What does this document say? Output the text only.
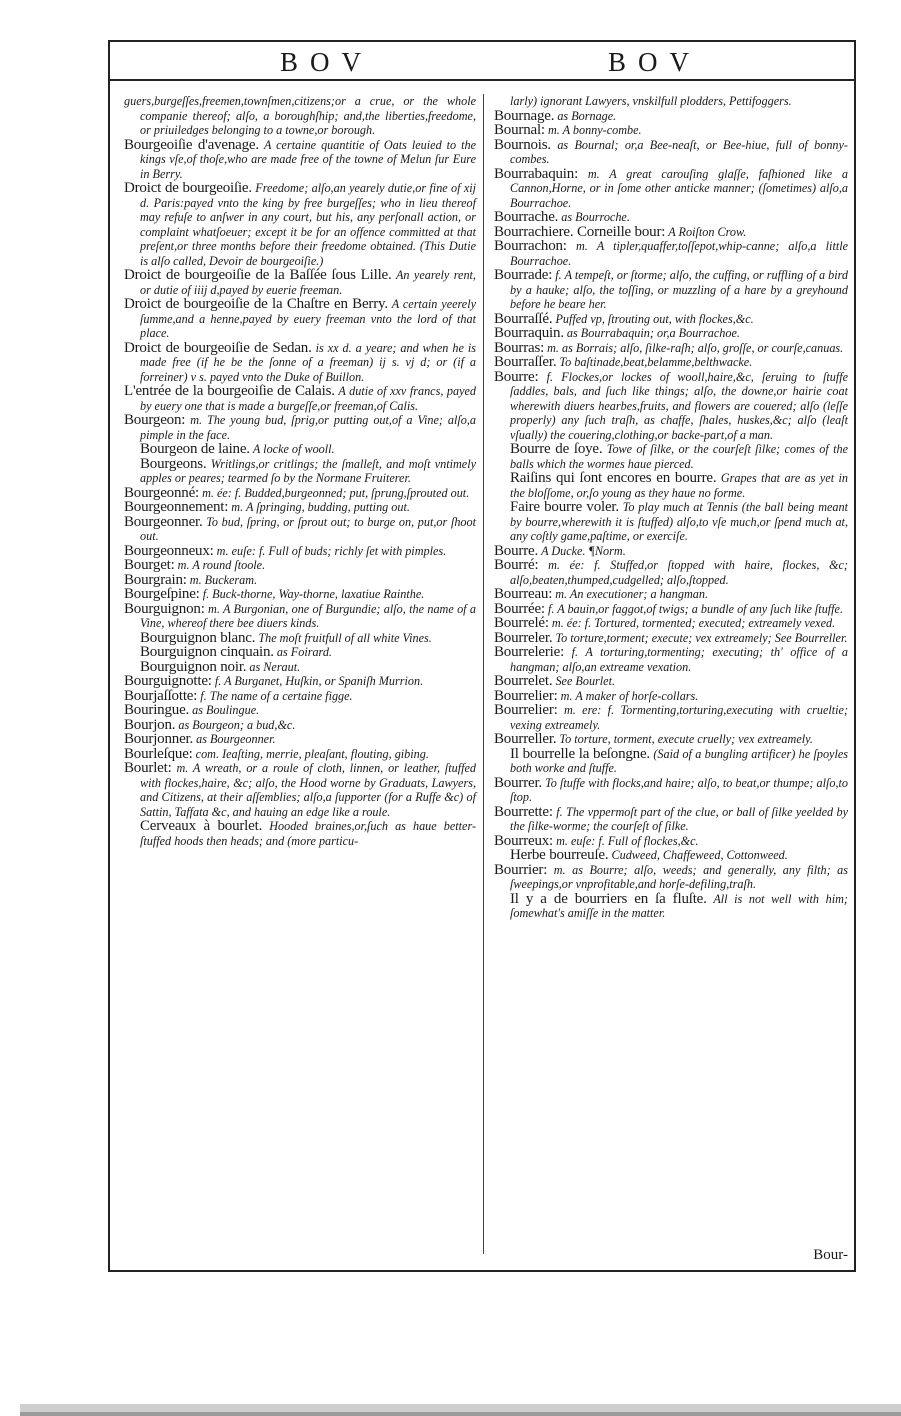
BOV	BOV

guers,burgeſſes,freemen,townſmen,citizens;or a crue, or the whole companie thereof; alſo, a boroughſhip; and,the liberties,freedome, or priuiledges belonging to a towne,or borough.

Bourgeoiſie d'avenage. A certaine quantitie of Oats leuied to the kings vſe,of thoſe,who are made free of the towne of Melun ſur Eure in Berry.

Droict de bourgeoiſie. Freedome; alſo,an yearely dutie,or fine of xij d. Paris:payed vnto the king by free burgeſſes; who in lieu thereof may refuſe to anſwer in any court, but his, any perſonall action, or complaint whatſoeuer; except it be for an offence committed at that preſent,or three months before their freedome obtained. (This Dutie is alſo called, Devoir de bourgeoiſie.)

Droict de bourgeoiſie de la Baſſée ſous Lille. An yearely rent, or dutie of iiij d,payed by euerie freeman.

Droict de bourgeoiſie de la Chaſtre en Berry. A certain yeerely ſumme,and a henne,payed by euery freeman vnto the lord of that place.

Droict de bourgeoiſie de Sedan. is xx d. a yeare; and when he is made free (if he be the ſonne of a freeman) ij s. vj d; or (if a forreiner) v s. payed vnto the Duke of Buillon.

L'entrée de la bourgeoiſie de Calais. A dutie of xxv francs, payed by euery one that is made a burgeſſe,or freeman,of Calis.

Bourgeon: m. The young bud, ſprig,or putting out,of a Vine; alſo,a pimple in the face.

Bourgeon de laine. A locke of wooll.

Bourgeons. Writlings,or critlings; the ſmalleſt, and moſt vntimely apples or peares; tearmed ſo by the Normane Fruiterer.

Bourgeonné: m. ée: f. Budded,burgeonned; put, ſprung,ſprouted out.

Bourgeonnement: m. A ſpringing, budding, putting out.

Bourgeonner. To bud, ſpring, or ſprout out; to burge on, put,or ſhoot out.

Bourgeonneux: m. euſe: f. Full of buds; richly ſet with pimples.

Bourget: m. A round ſtoole.

Bourgrain: m. Buckeram.

Bourgeſpine: f. Buck-thorne, Way-thorne, laxatiue Rainthe.

Bourguignon: m. A Burgonian, one of Burgundie; alſo, the name of a Vine, whereof there bee diuers kinds.

Bourguignon blanc. The moſt fruitfull of all white Vines.

Bourguignon cinquain. as Foirard.

Bourguignon noir. as Neraut.

Bourguignotte: f. A Burganet, Huſkin, or Spaniſh Murrion.

Bourjaſſotte: f. The name of a certaine figge.

Bouringue. as Boulingue.

Bourjon. as Bourgeon; a bud,&c.

Bourjonner. as Bourgeonner.

Bourleſque: com. Ieaſting, merrie, pleaſant, flouting, gibing.

Bourlet: m. A wreath, or a roule of cloth, linnen, or leather, ſtuffed with flockes,haire, &c; alſo, the Hood worne by Graduats, Lawyers, and Citizens, at their aſſemblies; alſo,a ſupporter (for a Ruffe &c) of Sattin, Taffata &c, and hauing an edge like a roule.

Cerveaux à bourlet. Hooded braines,or,ſuch as haue better-ſtuffed hoods then heads; and (more particu-

larly) ignorant Lawyers, vnskilfull plodders, Pettifoggers.

Bournage. as Bornage.

Bournal: m. A bonny-combe.

Bournois. as Bournal; or,a Bee-neaſt, or Bee-hiue, full of bonny-combes.

Bourrabaquin: m. A great carouſing glaſſe, faſhioned like a Cannon,Horne, or in ſome other anticke manner; (ſometimes) alſo,a Bourrachoe.

Bourrache. as Bourroche.

Bourrachiere. Corneille bour: A Roiſton Crow.

Bourrachon: m. A tipler,quaffer,toſſepot,whip-canne; alſo,a little Bourrachoe.

Bourrade: f. A tempeſt, or ſtorme; alſo, the cuffing, or ruffling of a bird by a hauke; alſo, the toſſing, or muzzling of a hare by a greyhound before he beare her.

Bourraſſé. Puffed vp, ſtrouting out, with flockes,&c.

Bourraquin. as Bourrabaquin; or,a Bourrachoe.

Bourras: m. as Borrais; alſo, ſilke-raſh; alſo, groſſe, or courſe,canuas.

Bourraſſer. To baſtinade,beat,belamme,belthwacke.

Bourre: f. Flockes,or lockes of wooll,haire,&c, ſeruing to ſtuffe ſaddles, bals, and ſuch like things; alſo, the downe,or hairie coat wherewith diuers hearbes,fruits, and flowers are couered; alſo (leſſe properly) any ſuch traſh, as chaffe, ſhales, huskes,&c; alſo (leaſt vſually) the couering,clothing,or backe-part,of a man.

Bourre de ſoye. Towe of ſilke, or the courſeſt ſilke; comes of the balls which the wormes haue pierced.

Raiſins qui ſont encores en bourre. Grapes that are as yet in the bloſſome, or,ſo young as they haue no forme.

Faire bourre voler. To play much at Tennis (the ball being meant by bourre,wherewith it is ſtuffed) alſo,to vſe much,or ſpend much at, any coſtly game,paſtime, or exerciſe.

Bourre. A Ducke. ¶Norm.

Bourré: m. ée: f. Stuffed,or ſtopped with haire, flockes, &c; alſo,beaten,thumped,cudgelled; alſo,ſtopped.

Bourreau: m. An executioner; a hangman.

Bourrée: f. A bauin,or faggot,of twigs; a bundle of any ſuch like ſtuffe.

Bourrelé: m. ée: f. Tortured, tormented; executed; extreamely vexed.

Bourreler. To torture,torment; execute; vex extreamely; See Bourreller.

Bourrelerie: f. A torturing,tormenting; executing; th' office of a hangman; alſo,an extreame vexation.

Bourrelet. See Bourlet.

Bourrelier: m. A maker of horſe-collars.

Bourrelier: m. ere: f. Tormenting,torturing,executing with crueltie; vexing extreamely.

Bourreller. To torture, torment, execute cruelly; vex extreamely.

Il bourrelle la beſongne. (Said of a bungling artificer) he ſpoyles both worke and ſtuffe.

Bourrer. To ſtuffe with flocks,and haire; alſo, to beat,or thumpe; alſo,to ſtop.

Bourrette: f. The vppermoſt part of the clue, or ball of ſilke yeelded by the ſilke-worme; the courſeſt of ſilke.

Bourreux: m. euſe: f. Full of flockes,&c.

Herbe bourreuſe. Cudweed, Chaffeweed, Cottonweed.

Bourrier: m. as Bourre; alſo, weeds; and generally, any filth; as ſweepings,or vnprofitable,and horſe-defiling,traſh.

Il y a de bourriers en ſa fluſte. All is not well with him; ſomewhat's amiſſe in the matter.

Bour-
